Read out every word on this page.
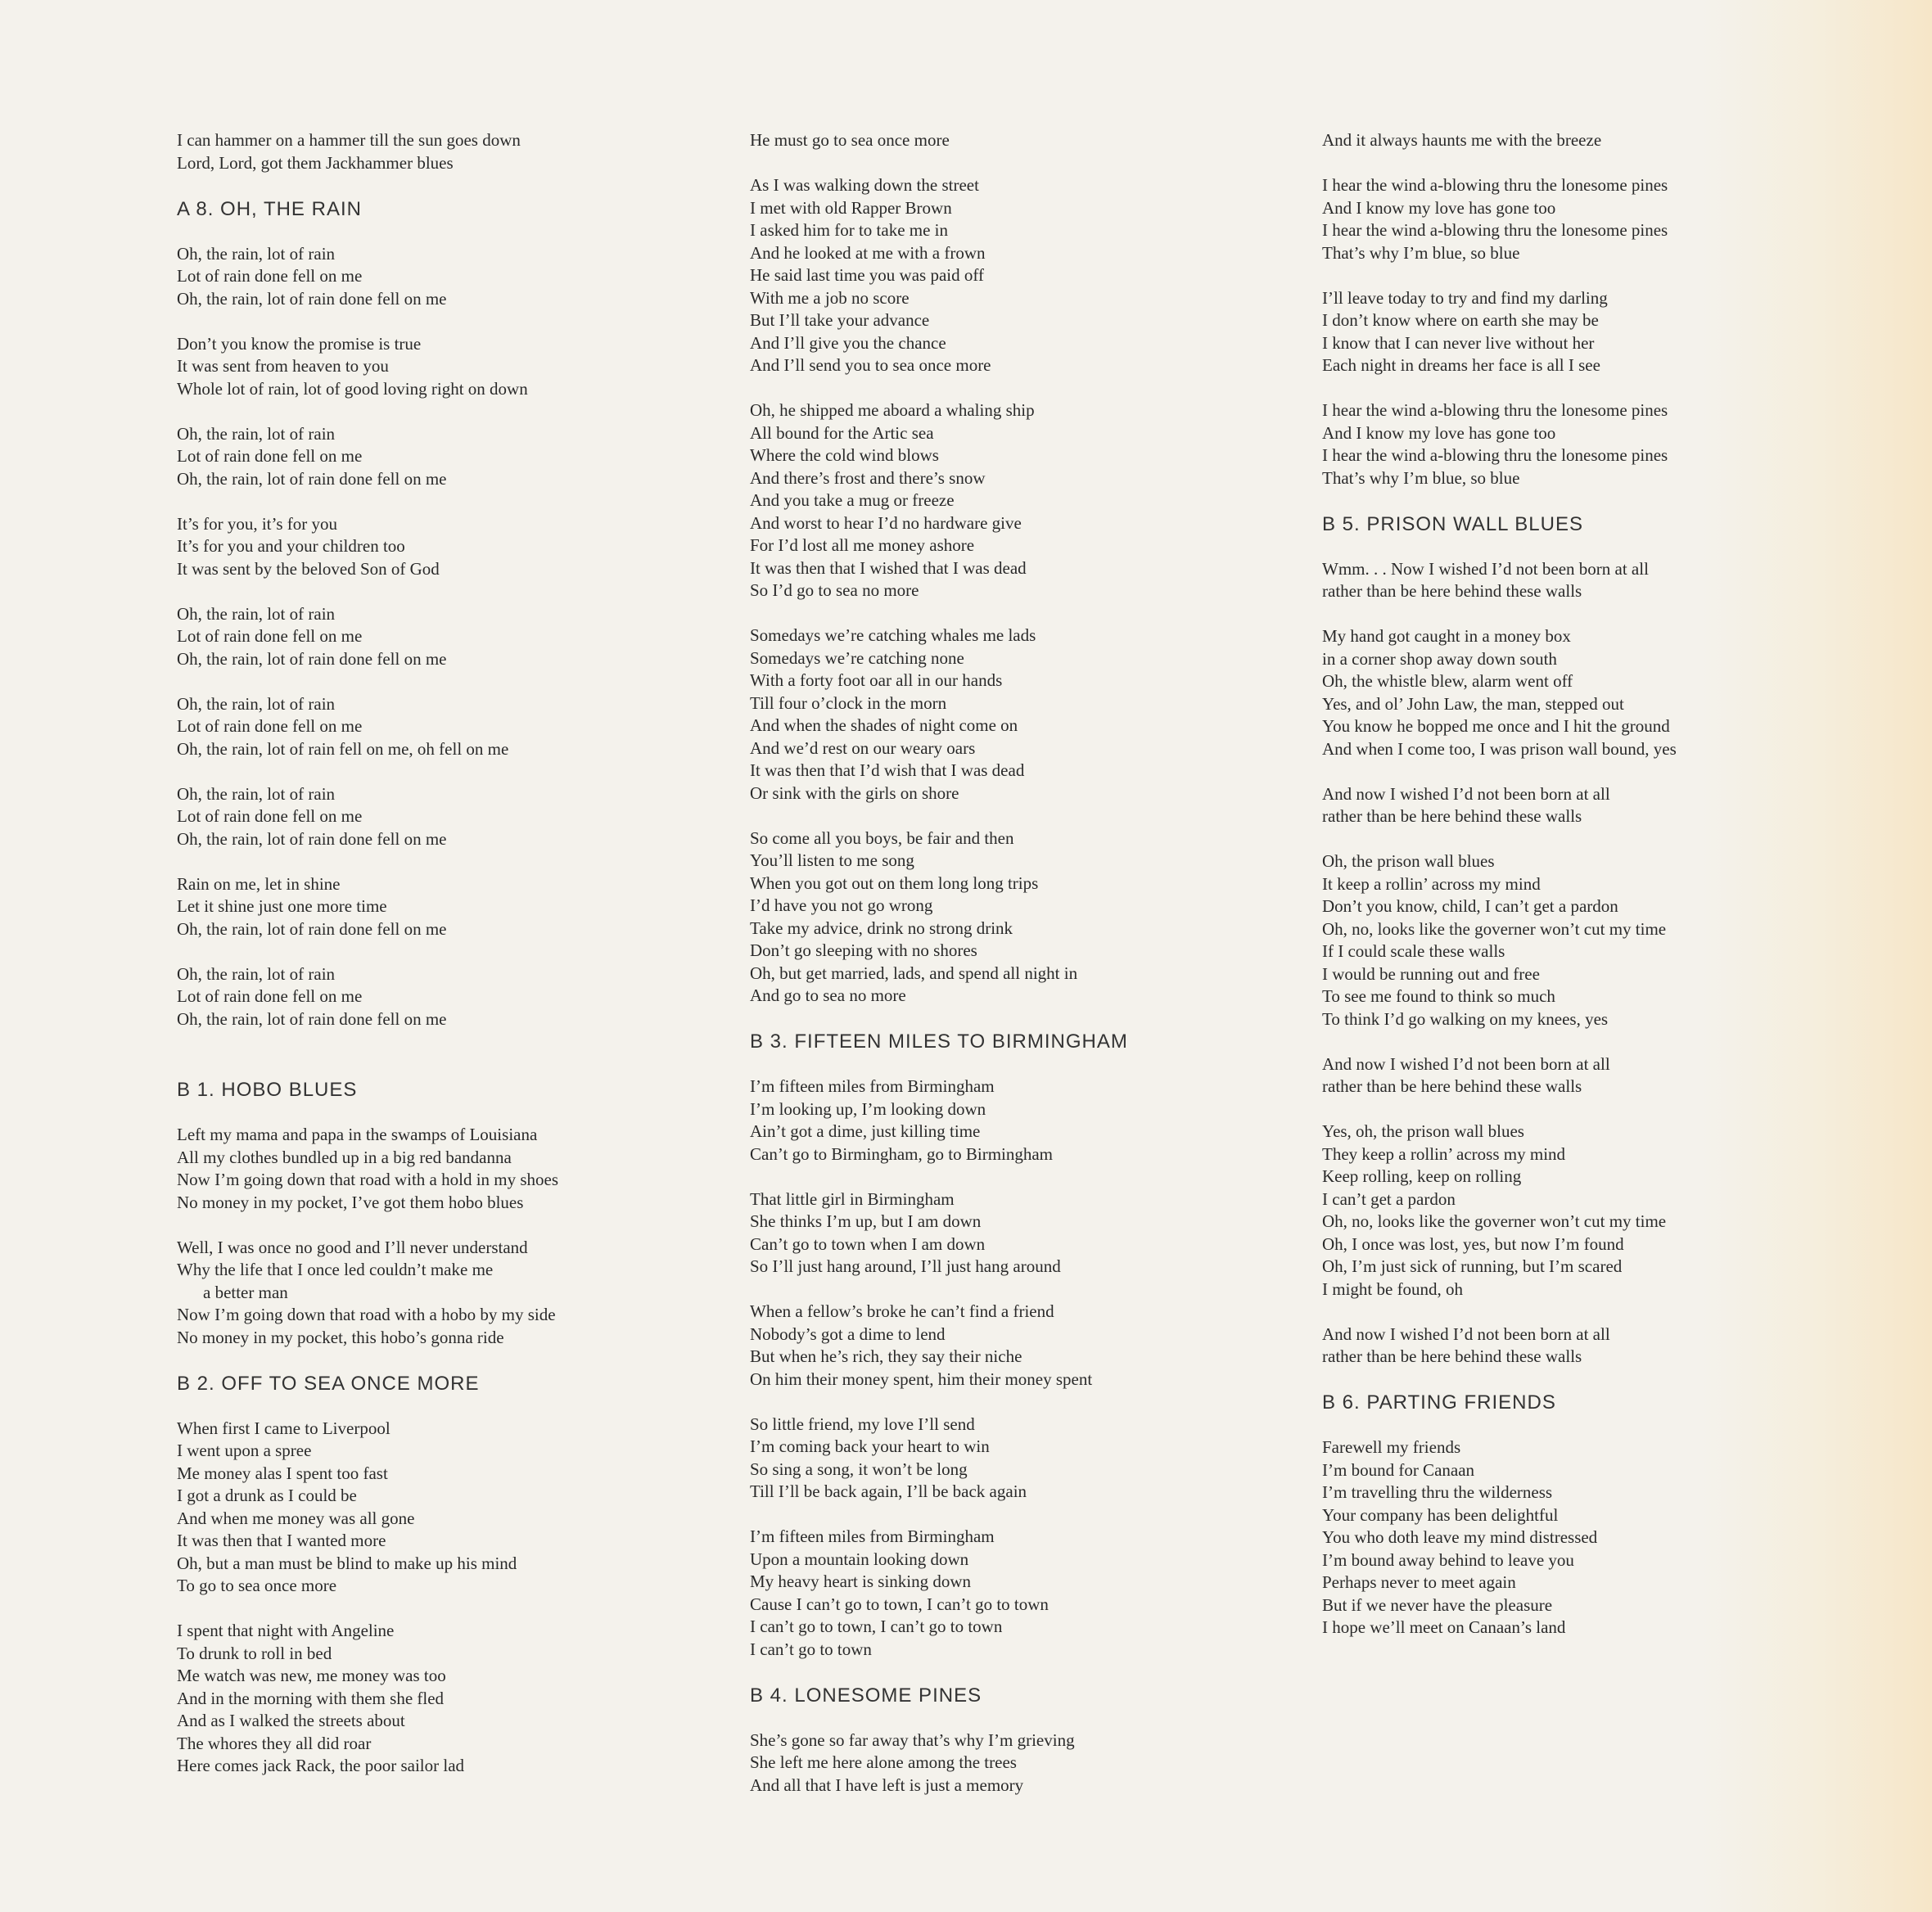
I can hammer on a hammer till the sun goes down
Lord, Lord, got them Jackhammer blues
A 8. OH, THE RAIN
Oh, the rain, lot of rain
Lot of rain done fell on me
Oh, the rain, lot of rain done fell on me
Don’t you know the promise is true
It was sent from heaven to you
Whole lot of rain, lot of good loving right on down
Oh, the rain, lot of rain
Lot of rain done fell on me
Oh, the rain, lot of rain done fell on me
It’s for you, it’s for you
It’s for you and your children too
It was sent by the beloved Son of God
Oh, the rain, lot of rain
Lot of rain done fell on me
Oh, the rain, lot of rain done fell on me
Oh, the rain, lot of rain
Lot of rain done fell on me
Oh, the rain, lot of rain fell on me, oh fell on me
Oh, the rain, lot of rain
Lot of rain done fell on me
Oh, the rain, lot of rain done fell on me
Rain on me, let in shine
Let it shine just one more time
Oh, the rain, lot of rain done fell on me
Oh, the rain, lot of rain
Lot of rain done fell on me
Oh, the rain, lot of rain done fell on me
B 1. HOBO BLUES
Left my mama and papa in the swamps of Louisiana
All my clothes bundled up in a big red bandanna
Now I’m going down that road with a hold in my shoes
No money in my pocket, I’ve got them hobo blues
Well, I was once no good and I’ll never understand
Why the life that I once led couldn’t make me
a better man
Now I’m going down that road with a hobo by my side
No money in my pocket, this hobo’s gonna ride
B 2. OFF TO SEA ONCE MORE
When first I came to Liverpool
I went upon a spree
Me money alas I spent too fast
I got a drunk as I could be
And when me money was all gone
It was then that I wanted more
Oh, but a man must be blind to make up his mind
To go to sea once more
I spent that night with Angeline
To drunk to roll in bed
Me watch was new, me money was too
And in the morning with them she fled
And as I walked the streets about
The whores they all did roar
Here comes jack Rack, the poor sailor lad
He must go to sea once more
As I was walking down the street
I met with old Rapper Brown
I asked him for to take me in
And he looked at me with a frown
He said last time you was paid off
With me a job no score
But I’ll take your advance
And I’ll give you the chance
And I’ll send you to sea once more
Oh, he shipped me aboard a whaling ship
All bound for the Artic sea
Where the cold wind blows
And there’s frost and there’s snow
And you take a mug or freeze
And worst to hear I’d no hardware give
For I’d lost all me money ashore
It was then that I wished that I was dead
So I’d go to sea no more
Somedays we’re catching whales me lads
Somedays we’re catching none
With a forty foot oar all in our hands
Till four o’clock in the morn
And when the shades of night come on
And we’d rest on our weary oars
It was then that I’d wish that I was dead
Or sink with the girls on shore
So come all you boys, be fair and then
You’ll listen to me song
When you got out on them long long trips
I’d have you not go wrong
Take my advice, drink no strong drink
Don’t go sleeping with no shores
Oh, but get married, lads, and spend all night in
And go to sea no more
B 3. FIFTEEN MILES TO BIRMINGHAM
I’m fifteen miles from Birmingham
I’m looking up, I’m looking down
Ain’t got a dime, just killing time
Can’t go to Birmingham, go to Birmingham
That little girl in Birmingham
She thinks I’m up, but I am down
Can’t go to town when I am down
So I’ll just hang around, I’ll just hang around
When a fellow’s broke he can’t find a friend
Nobody’s got a dime to lend
But when he’s rich, they say their niche
On him their money spent, him their money spent
So little friend, my love I’ll send
I’m coming back your heart to win
So sing a song, it won’t be long
Till I’ll be back again, I’ll be back again
I’m fifteen miles from Birmingham
Upon a mountain looking down
My heavy heart is sinking down
Cause I can’t go to town, I can’t go to town
I can’t go to town, I can’t go to town
I can’t go to town
B 4. LONESOME PINES
She’s gone so far away that’s why I’m grieving
She left me here alone among the trees
And all that I have left is just a memory
And it always haunts me with the breeze
I hear the wind a-blowing thru the lonesome pines
And I know my love has gone too
I hear the wind a-blowing thru the lonesome pines
That’s why I’m blue, so blue
I’ll leave today to try and find my darling
I don’t know where on earth she may be
I know that I can never live without her
Each night in dreams her face is all I see
I hear the wind a-blowing thru the lonesome pines
And I know my love has gone too
I hear the wind a-blowing thru the lonesome pines
That’s why I’m blue, so blue
B 5. PRISON WALL BLUES
Wmm. . . Now I wished I’d not been born at all
rather than be here behind these walls
My hand got caught in a money box
in a corner shop away down south
Oh, the whistle blew, alarm went off
Yes, and ol’ John Law, the man, stepped out
You know he bopped me once and I hit the ground
And when I come too, I was prison wall bound, yes
And now I wished I’d not been born at all
rather than be here behind these walls
Oh, the prison wall blues
It keep a rollin’ across my mind
Don’t you know, child, I can’t get a pardon
Oh, no, looks like the governer won’t cut my time
If I could scale these walls
I would be running out and free
To see me found to think so much
To think I’d go walking on my knees, yes
And now I wished I’d not been born at all
rather than be here behind these walls
Yes, oh, the prison wall blues
They keep a rollin’ across my mind
Keep rolling, keep on rolling
I can’t get a pardon
Oh, no, looks like the governer won’t cut my time
Oh, I once was lost, yes, but now I’m found
Oh, I’m just sick of running, but I’m scared
I might be found, oh
And now I wished I’d not been born at all
rather than be here behind these walls
B 6. PARTING FRIENDS
Farewell my friends
I’m bound for Canaan
I’m travelling thru the wilderness
Your company has been delightful
You who doth leave my mind distressed
I’m bound away behind to leave you
Perhaps never to meet again
But if we never have the pleasure
I hope we’ll meet on Canaan’s land
